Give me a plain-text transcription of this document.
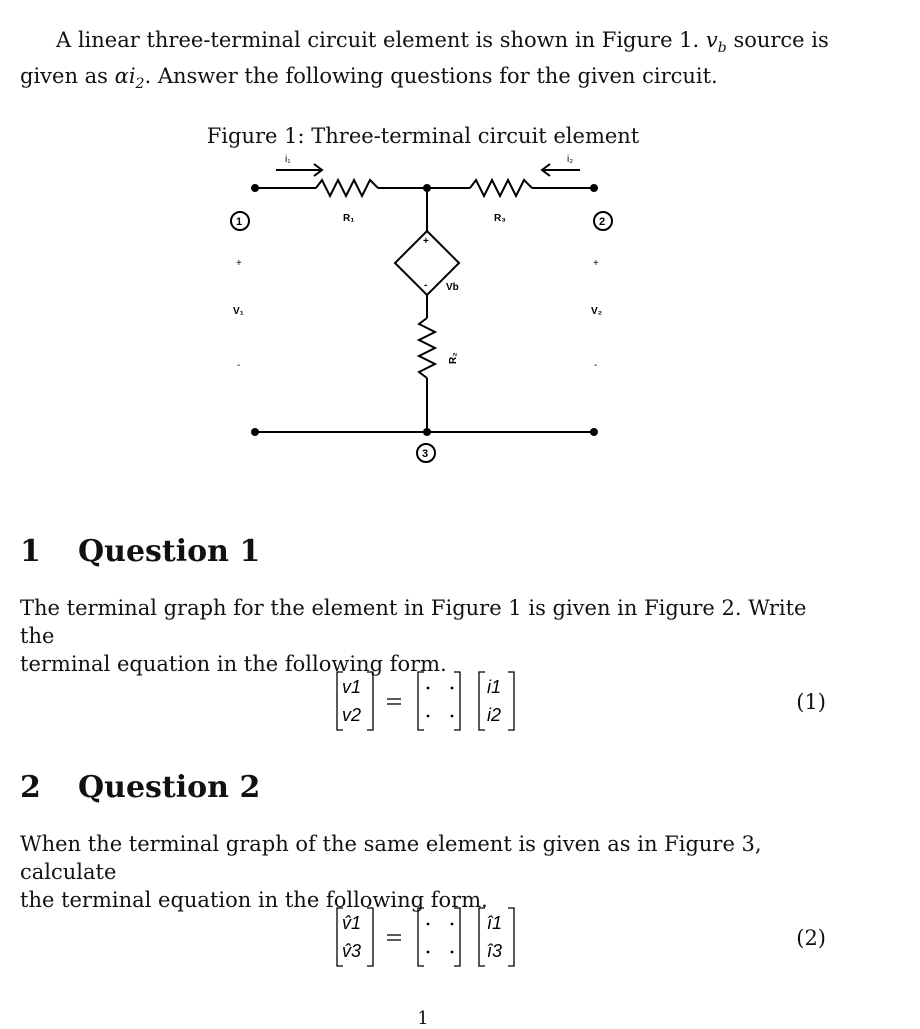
A linear three-terminal circuit element is shown in Figure 1. $v_b$ source is
given as $\alpha i_2$. Answer the following questions for the given circuit.

Figure 1: Three-terminal circuit element
i₁	i₂
R₁	R₃
Vb
V₁	V₂
R₂
1	2
3
+	+
-	-
+
-
1 Question 1

The terminal graph for the element in Figure 1 is given in Figure 2. Write the
terminal equation in the following form.

v1
v2
i1
i2
(1)
2 Question 2

When the terminal graph of the same element is given as in Figure 3, calculate
the terminal equation in the following form.

v̂1
v̂3
î1
î3
(2)
1
